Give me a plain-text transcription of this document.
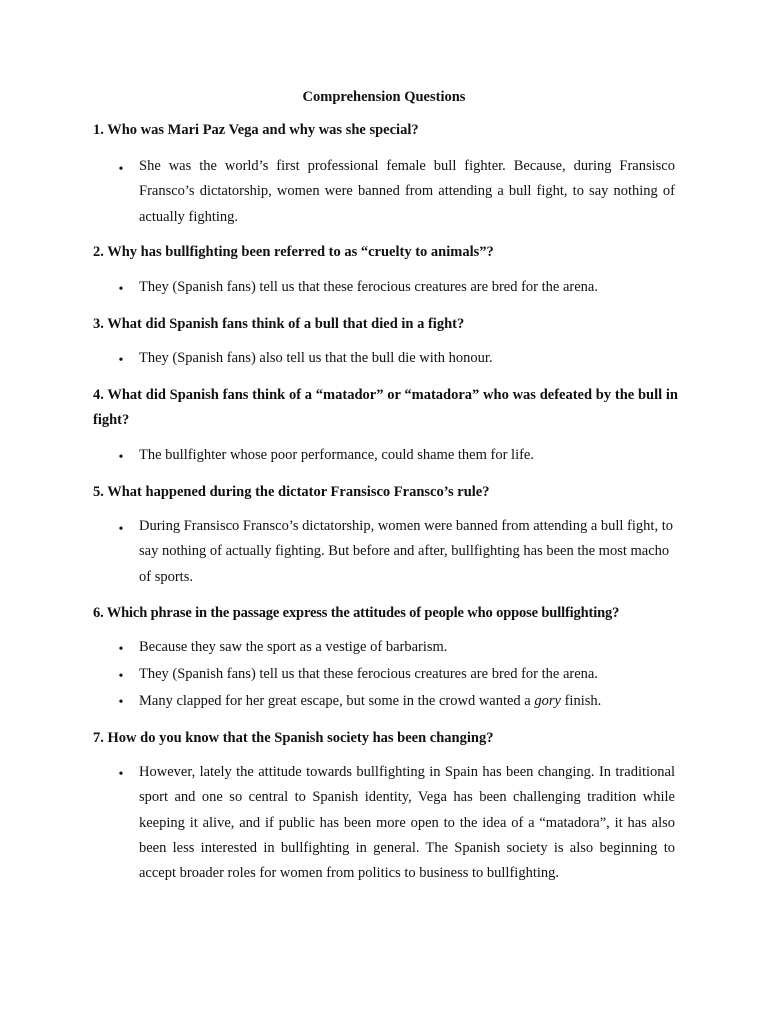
Comprehension Questions
1. Who was Mari Paz Vega and why was she special?
• She was the world’s first professional female bull fighter. Because, during Fransisco Fransco’s dictatorship, women were banned from attending a bull fight, to say nothing of actually fighting.
2. Why has bullfighting been referred to as “cruelty to animals”?
• They (Spanish fans) tell us that these ferocious creatures are bred for the arena.
3. What did Spanish fans think of a bull that died in a fight?
• They (Spanish fans) also tell us that the bull die with honour.
4. What did Spanish fans think of a “matador” or “matadora” who was defeated by the bull in fight?
• The bullfighter whose poor performance, could shame them for life.
5. What happened during the dictator Fransisco Fransco’s rule?
• During Fransisco Fransco’s dictatorship, women were banned from attending a bull fight, to say nothing of actually fighting. But before and after, bullfighting has been the most macho of sports.
6. Which phrase in the passage express the attitudes of people who oppose bullfighting?
• Because they saw the sport as a vestige of barbarism.
• They (Spanish fans) tell us that these ferocious creatures are bred for the arena.
• Many clapped for her great escape, but some in the crowd wanted a gory finish.
7. How do you know that the Spanish society has been changing?
• However, lately the attitude towards bullfighting in Spain has been changing. In traditional sport and one so central to Spanish identity, Vega has been challenging tradition while keeping it alive, and if public has been more open to the idea of a “matadora”, it has also been less interested in bullfighting in general. The Spanish society is also beginning to accept broader roles for women from politics to business to bullfighting.
